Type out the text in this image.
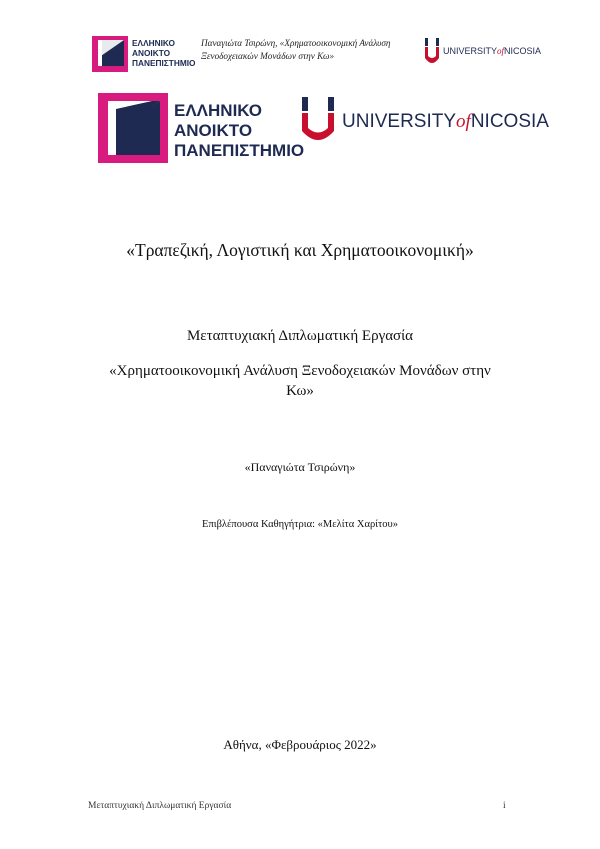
ΕΛΛΗΝΙΚΟ
ΑΝΟΙΚΤΟ
ΠΑΝΕΠΙΣΤΗΜΙΟ
Παναγιώτα Τσιρώνη, «Χρηματοοικονομική Ανάλυση
Ξενοδοχειακών Μονάδων στην Κω»	UNIVERSITYofNICOSIA
ΕΛΛΗΝΙΚΟ
ΑΝΟΙΚΤΟ
ΠΑΝΕΠΙΣΤΗΜΙΟ
UNIVERSITYofNICOSIA
«Τραπεζική, Λογιστική και Χρηματοοικονομική»
Μεταπτυχιακή Διπλωματική Εργασία
«Χρηματοοικονομική Ανάλυση Ξενοδοχειακών Μονάδων στην
Κω»
«Παναγιώτα Τσιρώνη»
Επιβλέπουσα Καθηγήτρια: «Μελίτα Χαρίτου»
Αθήνα, «Φεβρουάριος 2022»
Μεταπτυχιακή Διπλωματική Εργασία	i
